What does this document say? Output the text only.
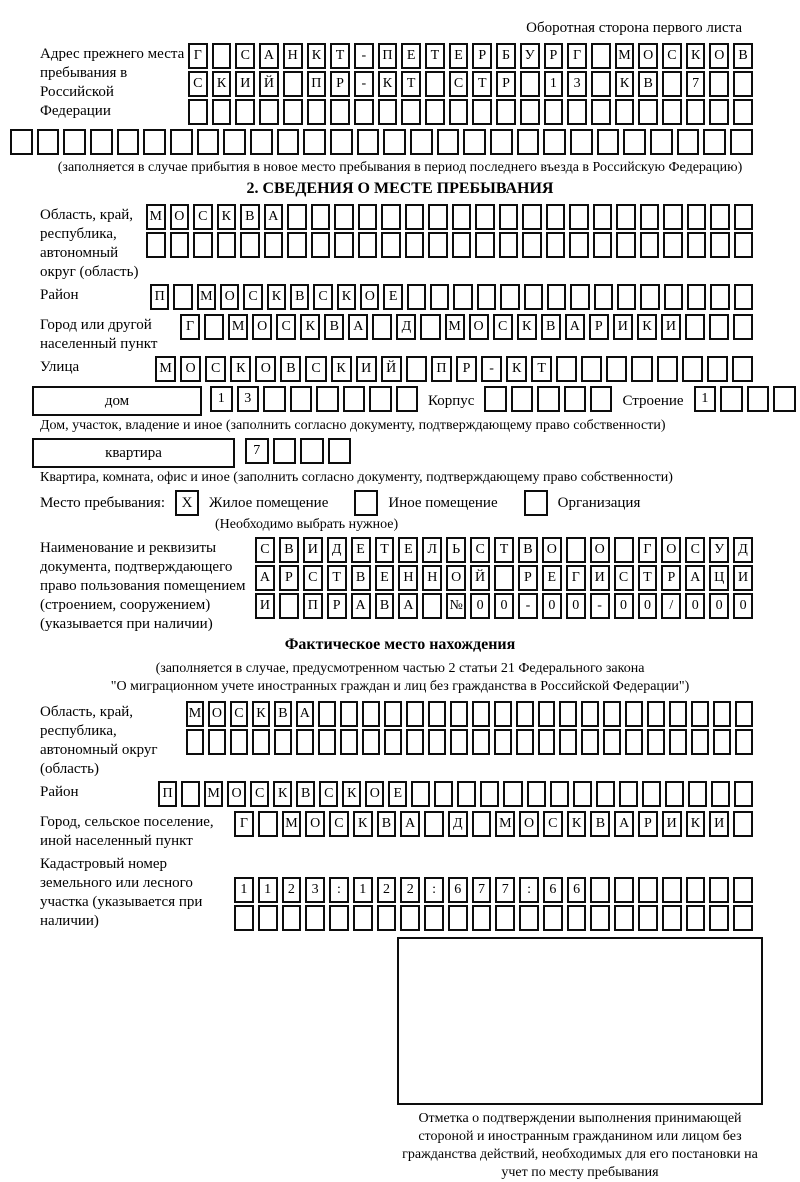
Оборотная сторона первого листа
Адрес прежнего места пребывания в Российской Федерации
Г	С А Н К	Т	-	П	Е	Т	Е	Р	Б	У	Р	Г	М О С	К О В
С	К И Й	П	Р	-	К	Т	С	Т	Р	1	3	К	В	7
(заполняется в случае прибытия в новое место пребывания в период последнего въезда в Российскую Федерацию)
2. СВЕДЕНИЯ О МЕСТЕ ПРЕБЫВАНИЯ
Область, край, республика, автономный округ (область)
М О С	К	В А
Район	П	М О С	К	В	С	К О	Е
Город или другой населенный пункт
Г	М О	С	К	В	А	Д	М О	С	К	В	А	Р	И	К	И
Улица	М О	С	К	О	В	С	К	И	Й	П	Р	-	К	Т
дом	1	3	Корпус	Строение	1
Дом, участок, владение и иное (заполнить согласно документу, подтверждающему право собственности)
квартира	7
Квартира, комната, офис и иное (заполнить согласно документу, подтверждающему право собственности)
Место пребывания:	X	Жилое помещение	Иное помещение	Организация
(Необходимо выбрать нужное)
Наименование и реквизиты документа, подтверждающего право пользования помещением (строением, сооружением) (указывается при наличии)
С	В	И	Д	Е	Т	Е	Л	Ь	С	Т	В	О	О	Г	О	С	У	Д
А	Р	С	Т	В	Е	Н Н О Й	Р	Е	Г	И	С	Т	Р	А Ц И
И	П	Р	А	В	А	№ 0	0	-	0	0	-	0	0	/	0	0	0
Фактическое место нахождения
(заполняется в случае, предусмотренном частью 2 статьи 21 Федерального закона
"О миграционном учете иностранных граждан и лиц без гражданства в Российской Федерации")
Область, край, республика, автономный округ (область)
М О С К В А
Район	П	М О С К В С К О Е
Город, сельское поселение, иной населенный пункт
Г	М О	С	К	В	А	Д	М О	С	К	В	А	Р	И	К	И
Кадастровый номер земельного или лесного участка (указывается при наличии)
1	1	2	3	:	1	2	2	:	6	7	7	:	6	6
Отметка о подтверждении выполнения принимающей стороной и иностранным гражданином или лицом без гражданства действий, необходимых для его постановки на учет по месту пребывания
